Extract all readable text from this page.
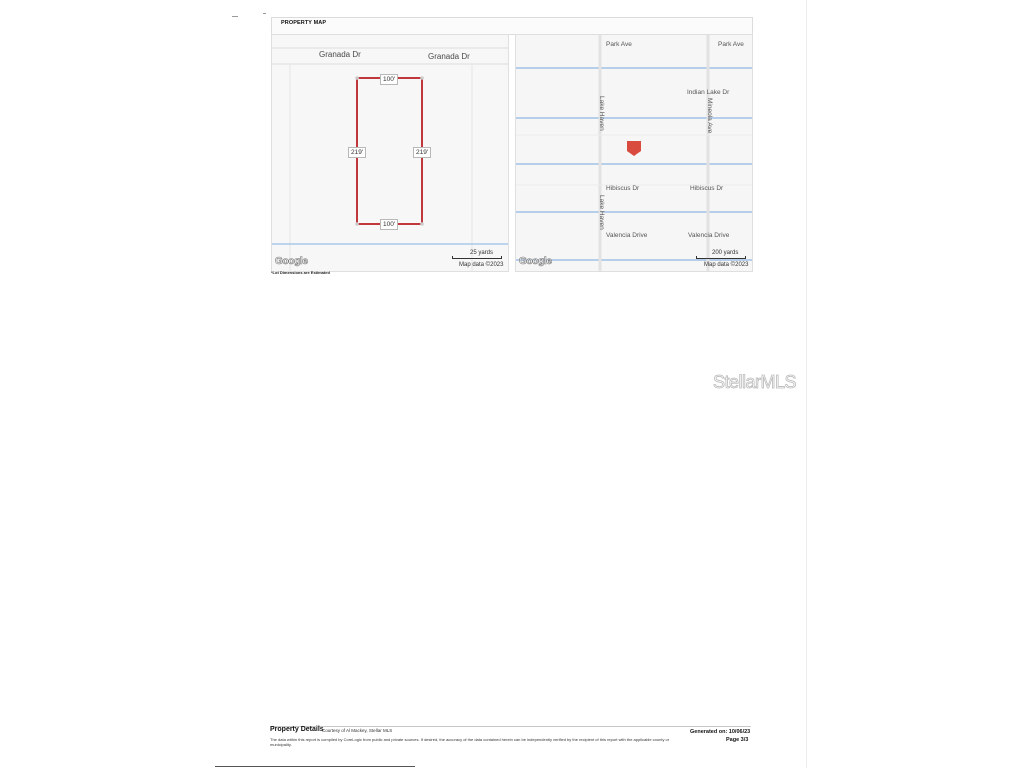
PROPERTY MAP
Granada Dr	Granada Dr
100'
219'	219'
100'
Google
25 yards
Map data ©2023
Park Ave	Park Ave
Indian Lake Dr
Mineola Ave
Lake Haven
Hibiscus Dr	Hibiscus Dr
Lake Haven
Valencia Drive	Valencia Drive
Google
200 yards
Map data ©2023
*Lot Dimensions are Estimated
StellarMLS
Property Details
Courtesy of Al Mackey, Stellar MLS
The data within this report is compiled by CoreLogic from public and private sources. If desired, the accuracy of the data contained herein can be independently verified by the recipient of this report with the applicable county or municipality.
Generated on: 10/06/23
Page 3/3
